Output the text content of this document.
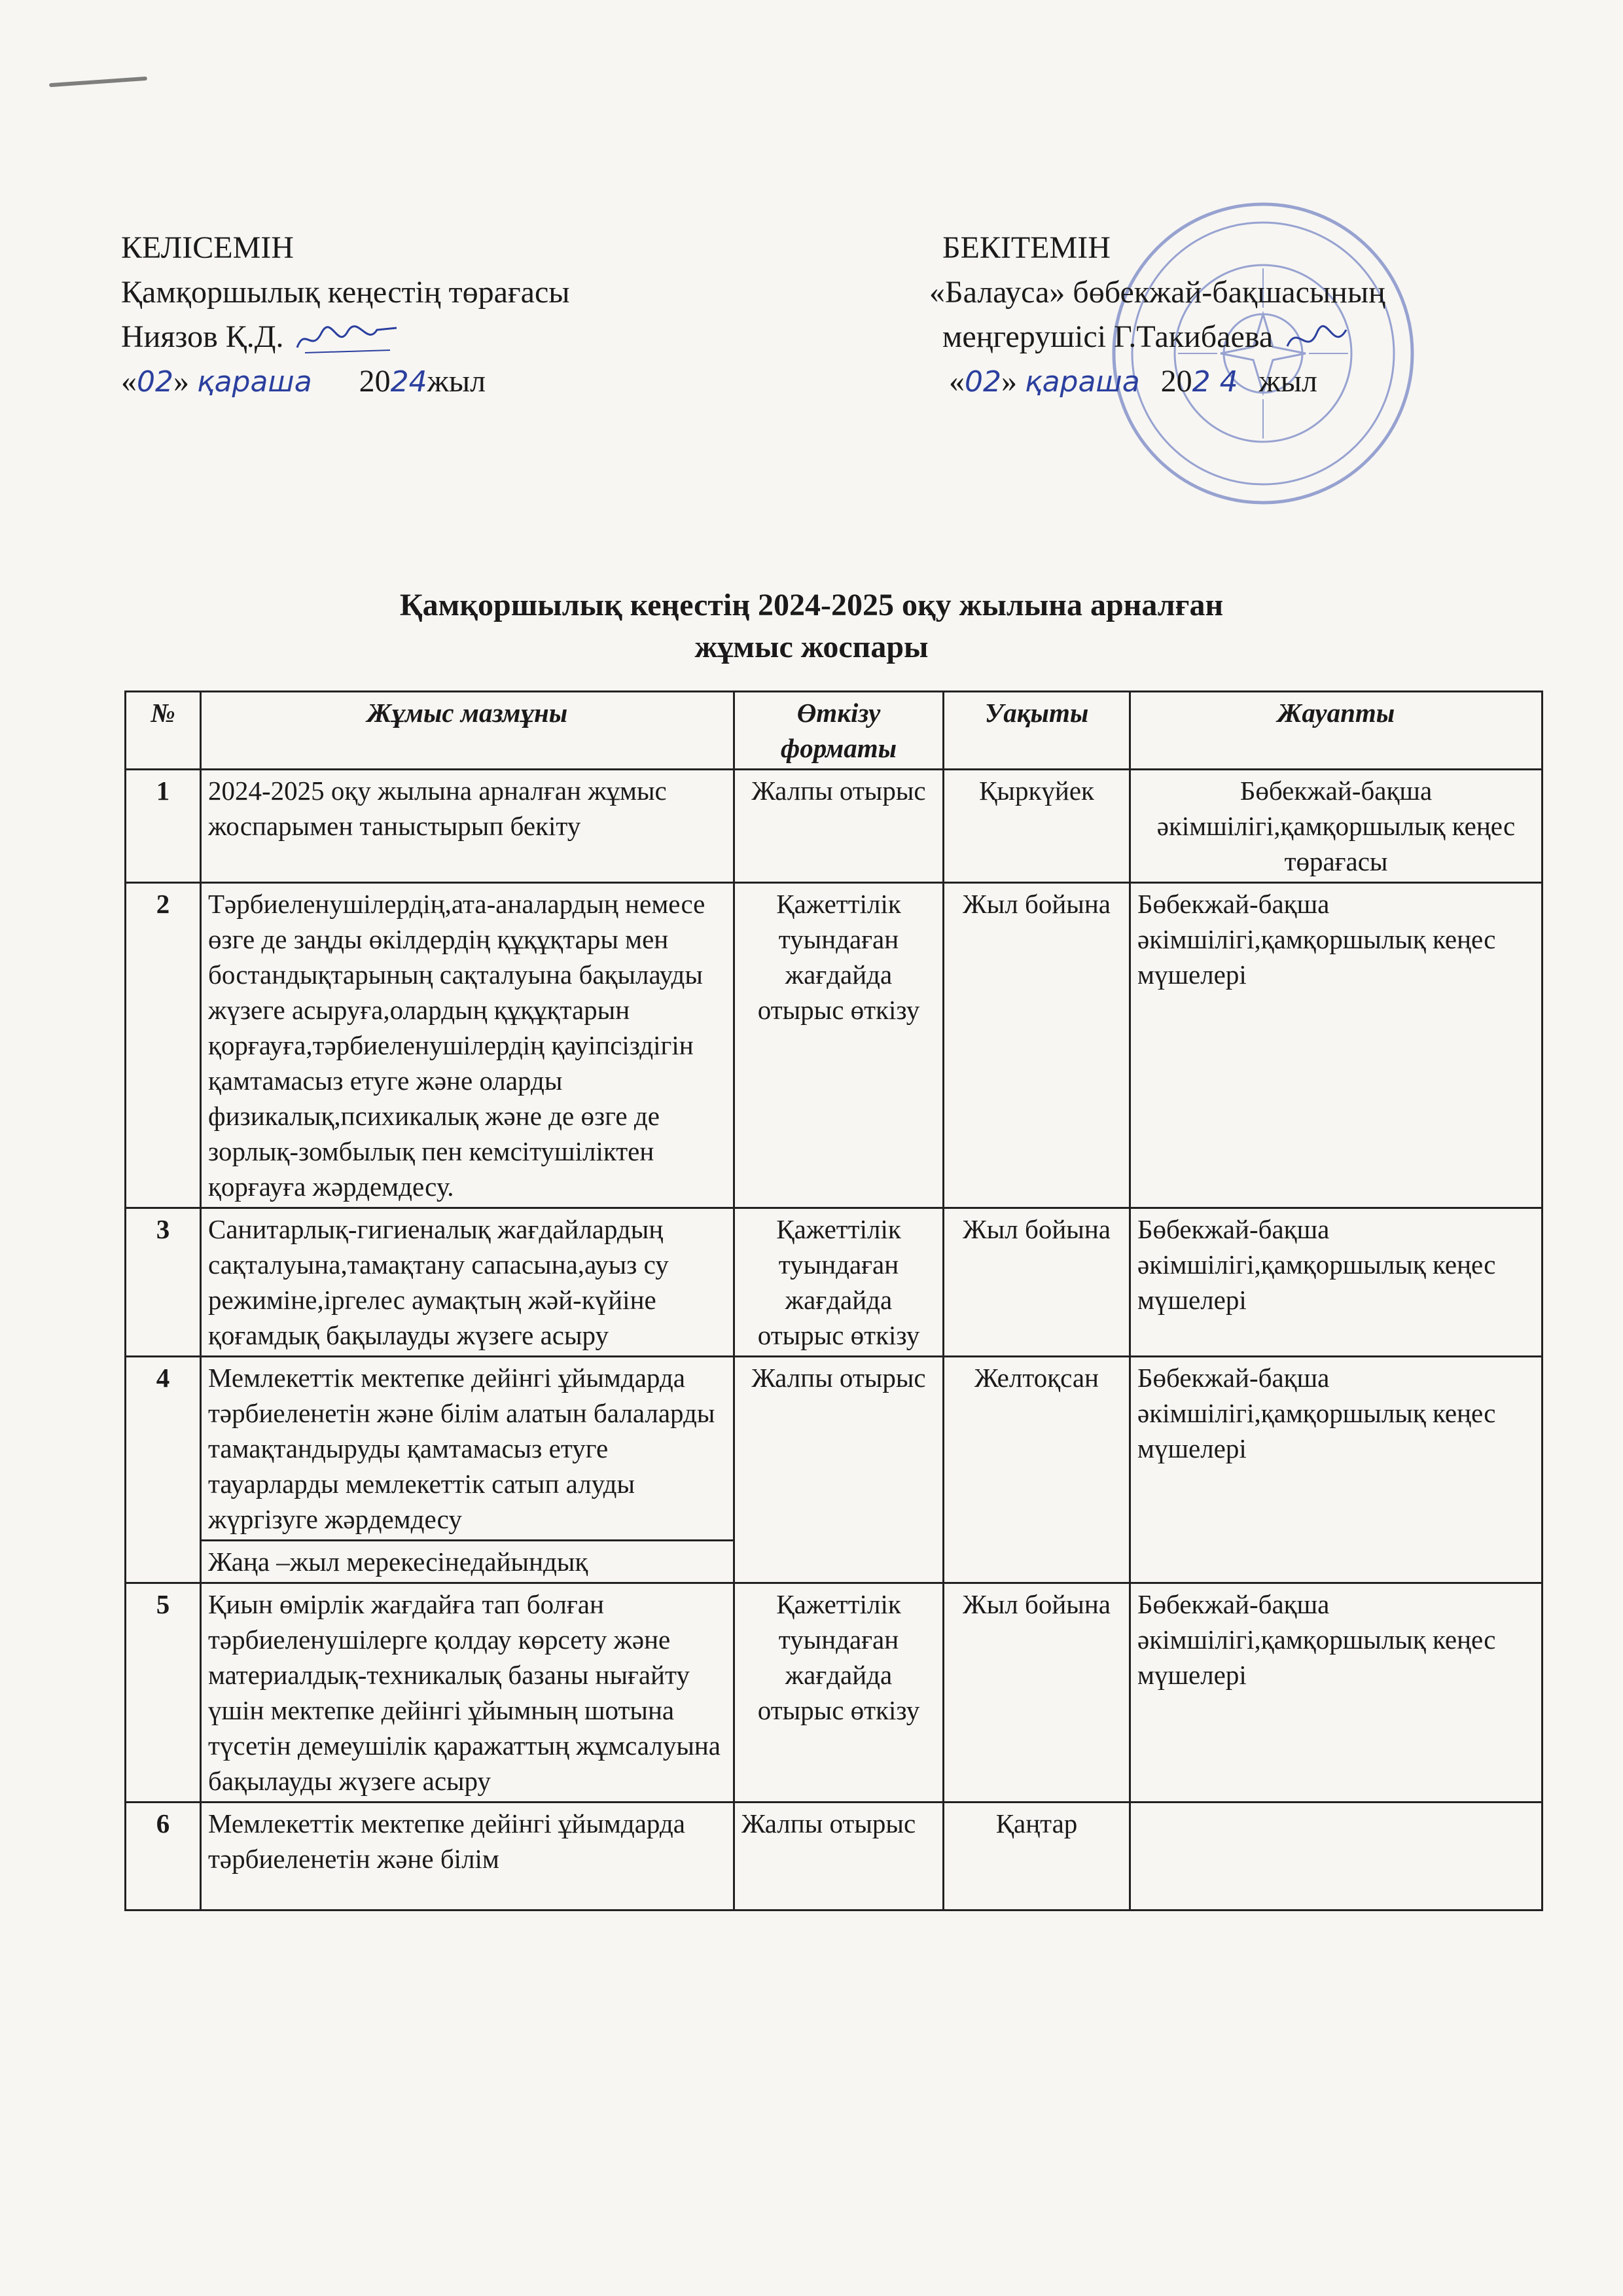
КЕЛІСЕМІН
Қамқоршылық кеңестің төрағасы
Ниязов Қ.Д.
«02» қараша 2024жыл
БЕКІТЕМІН
«Балауса» бөбекжай-бақшасының
меңгерушісі Г.Такибаева
«02» қараша 202 4 жыл
Қамқоршылық кеңестің 2024-2025 оқу жылына арналған
жұмыс жоспары
№	Жұмыс мазмұны	Өткізу форматы	Уақыты	Жауапты
1	2024-2025 оқу жылына арналған жұмыс жоспарымен таныстырып бекіту	Жалпы отырыс	Қыркүйек	Бөбекжай-бақша әкімшілігі,қамқоршылық кеңес төрағасы
2	Тәрбиеленушілердің,ата-аналардың немесе өзге де заңды өкілдердің құқұқтары мен бостандықтарының сақталуына бақылауды жүзеге асыруға,олардың құқұқтарын қорғауға,тәрбиеленушілердің қауіпсіздігін қамтамасыз етуге және оларды физикалық,психикалық және де өзге де зорлық-зомбылық пен кемсітушіліктен қорғауға жәрдемдесу.	Қажеттілік туындаған жағдайда отырыс өткізу	Жыл бойына	Бөбекжай-бақша әкімшілігі,қамқоршылық кеңес мүшелері
3	Санитарлық-гигиеналық жағдайлардың сақталуына,тамақтану сапасына,ауыз су режиміне,іргелес аумақтың жәй-күйіне қоғамдық бақылауды жүзеге асыру	Қажеттілік туындаған жағдайда отырыс өткізу	Жыл бойына	Бөбекжай-бақша әкімшілігі,қамқоршылық кеңес мүшелері
4	Мемлекеттік мектепке дейінгі ұйымдарда тәрбиеленетін және білім алатын балаларды тамақтандыруды қамтамасыз етуге тауарларды мемлекеттік сатып алуды жүргізуге жәрдемдесу	Жалпы отырыс	Желтоқсан	Бөбекжай-бақша әкімшілігі,қамқоршылық кеңес мүшелері
	Жаңа –жыл мерекесінедайындық			
5	Қиын өмірлік жағдайға тап болған тәрбиеленушілерге қолдау көрсету және материалдық-техникалық базаны нығайту үшін мектепке дейінгі ұйымның шотына түсетін демеушілік қаражаттың жұмсалуына бақылауды жүзеге асыру	Қажеттілік туындаған жағдайда отырыс өткізу	Жыл бойына	Бөбекжай-бақша әкімшілігі,қамқоршылық кеңес мүшелері
6	Мемлекеттік мектепке дейінгі ұйымдарда тәрбиеленетін және білім	Жалпы отырыс	Қаңтар	
